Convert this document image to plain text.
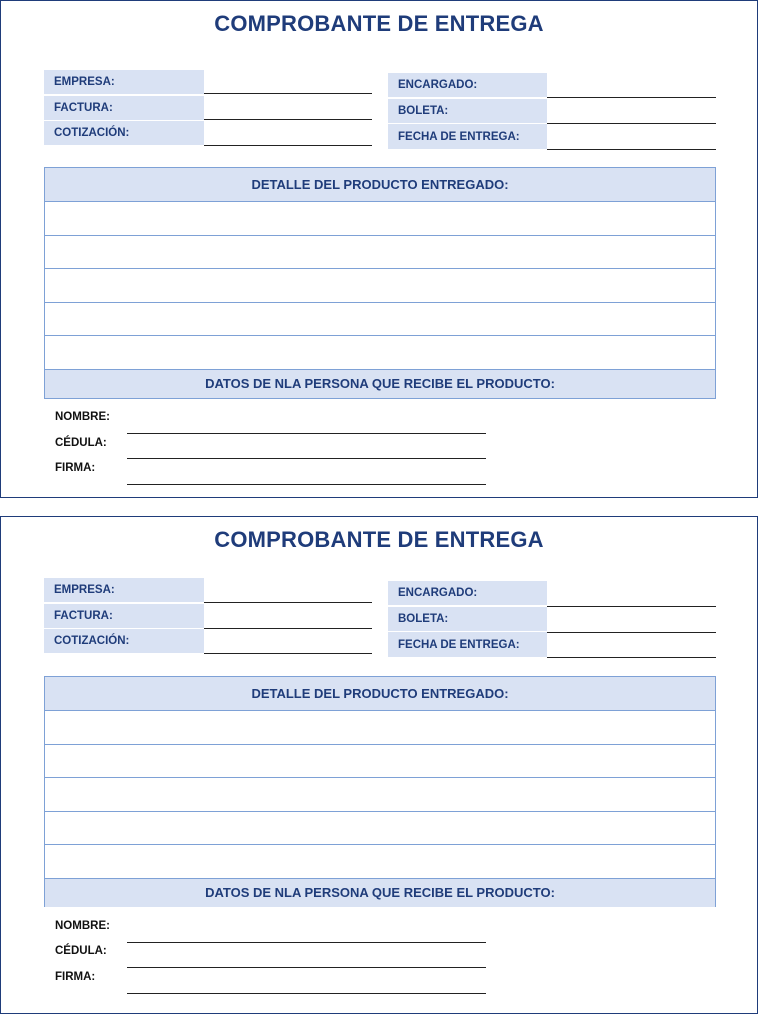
COMPROBANTE DE ENTREGA
EMPRESA:
FACTURA:
COTIZACIÓN:
ENCARGADO:
BOLETA:
FECHA DE ENTREGA:
DETALLE DEL PRODUCTO ENTREGADO:
DATOS DE NLA PERSONA QUE RECIBE EL PRODUCTO:
NOMBRE:
CÉDULA:
FIRMA:
COMPROBANTE DE ENTREGA
EMPRESA:
FACTURA:
COTIZACIÓN:
ENCARGADO:
BOLETA:
FECHA DE ENTREGA:
DETALLE DEL PRODUCTO ENTREGADO:
DATOS DE NLA PERSONA QUE RECIBE EL PRODUCTO:
NOMBRE:
CÉDULA:
FIRMA:
